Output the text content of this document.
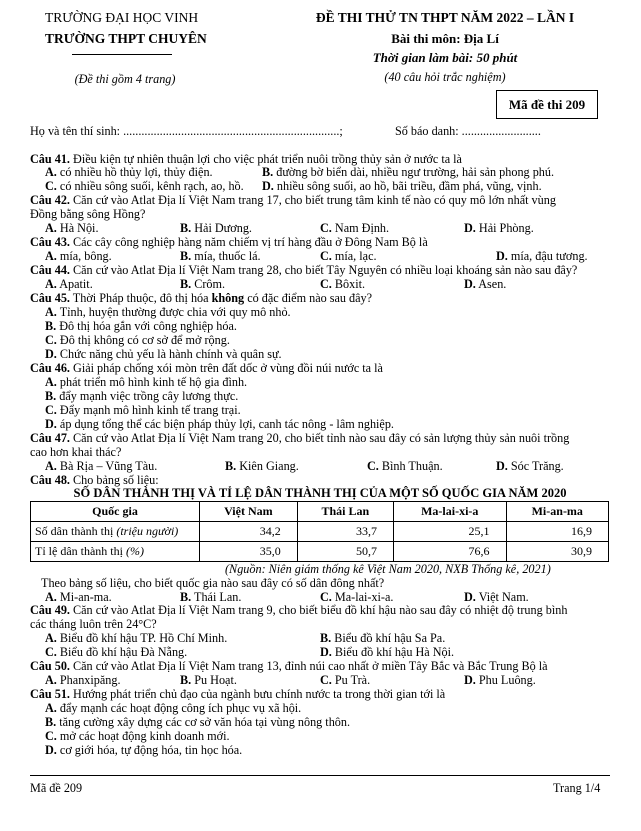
TRƯỜNG ĐẠI HỌC VINH
TRƯỜNG THPT CHUYÊN
(Đề thi gồm 4 trang)
ĐỀ THI THỬ TN THPT NĂM 2022 – LẦN I
Bài thi môn: Địa Lí
Thời gian làm bài: 50 phút
(40 câu hỏi trắc nghiệm)
Mã đề thi 209
Họ và tên thí sinh: .......................................................................;	Số báo danh: ..........................
Câu 41. Điều kiện tự nhiên thuận lợi cho việc phát triển nuôi trồng thủy sản ở nước ta là
A. có nhiều hồ thủy lợi, thủy điện.	B. đường bờ biển dài, nhiều ngư trường, hải sản phong phú.
C. có nhiều sông suối, kênh rạch, ao, hồ. D. nhiều sông suối, ao hồ, bãi triều, đầm phá, vũng, vịnh.
Câu 42. Căn cứ vào Atlat Địa lí Việt Nam trang 17, cho biết trung tâm kinh tế nào có quy mô lớn nhất vùng
Đồng bằng sông Hồng?
A. Hà Nội.	B. Hải Dương.	C. Nam Định.	D. Hải Phòng.
Câu 43. Các cây công nghiệp hàng năm chiếm vị trí hàng đầu ở Đông Nam Bộ là
A. mía, bông.	B. mía, thuốc lá.	C. mía, lạc.	D. mía, đậu tương.
Câu 44. Căn cứ vào Atlat Địa lí Việt Nam trang 28, cho biết Tây Nguyên có nhiều loại khoáng sản nào sau đây?
A. Apatit.	B. Crôm.	C. Bôxit.	D. Asen.
Câu 45. Thời Pháp thuộc, đô thị hóa không có đặc điểm nào sau đây?
A. Tỉnh, huyện thường được chia với quy mô nhỏ.
B. Đô thị hóa gắn với công nghiệp hóa.
C. Đô thị không có cơ sở để mở rộng.
D. Chức năng chủ yếu là hành chính và quân sự.
Câu 46. Giải pháp chống xói mòn trên đất dốc ở vùng đồi núi nước ta là
A. phát triển mô hình kinh tế hộ gia đình.
B. đẩy mạnh việc trồng cây lương thực.
C. Đẩy mạnh mô hình kinh tế trang trại.
D. áp dụng tổng thể các biện pháp thủy lợi, canh tác nông - lâm nghiệp.
Câu 47. Căn cứ vào Atlat Địa lí Việt Nam trang 20, cho biết tỉnh nào sau đây có sản lượng thủy sản nuôi trồng
cao hơn khai thác?
A. Bà Rịa – Vũng Tàu.	B. Kiên Giang.	C. Bình Thuận.	D. Sóc Trăng.
Câu 48. Cho bảng số liệu:
SỐ DÂN THÀNH THỊ VÀ TỈ LỆ DÂN THÀNH THỊ CỦA MỘT SỐ QUỐC GIA NĂM 2020
Quốc gia	Việt Nam	Thái Lan	Ma-lai-xi-a	Mi-an-ma
Số dân thành thị (triệu người)	34,2	33,7	25,1	16,9
Tỉ lệ dân thành thị (%)	35,0	50,7	76,6	30,9
(Nguồn: Niên giám thống kê Việt Nam 2020, NXB Thống kê, 2021)
Theo bảng số liệu, cho biết quốc gia nào sau đây có số dân đông nhất?
A. Mi-an-ma.	B. Thái Lan.	C. Ma-lai-xi-a.	D. Việt Nam.
Câu 49. Căn cứ vào Atlat Địa lí Việt Nam trang 9, cho biết biểu đồ khí hậu nào sau đây có nhiệt độ trung bình
các tháng luôn trên 24°C?
A. Biểu đồ khí hậu TP. Hồ Chí Minh.	B. Biểu đồ khí hậu Sa Pa.
C. Biểu đồ khí hậu Đà Nẵng.	D. Biểu đồ khí hậu Hà Nội.
Câu 50. Căn cứ vào Atlat Địa lí Việt Nam trang 13, đỉnh núi cao nhất ở miền Tây Bắc và Bắc Trung Bộ là
A. Phanxipăng.	B. Pu Hoạt.	C. Pu Trà.	D. Phu Luông.
Câu 51. Hướng phát triển chủ đạo của ngành bưu chính nước ta trong thời gian tới là
A. đẩy mạnh các hoạt động công ích phục vụ xã hội.
B. tăng cường xây dựng các cơ sở văn hóa tại vùng nông thôn.
C. mở các hoạt động kinh doanh mới.
D. cơ giới hóa, tự động hóa, tin học hóa.
Mã đề 209	Trang 1/4
